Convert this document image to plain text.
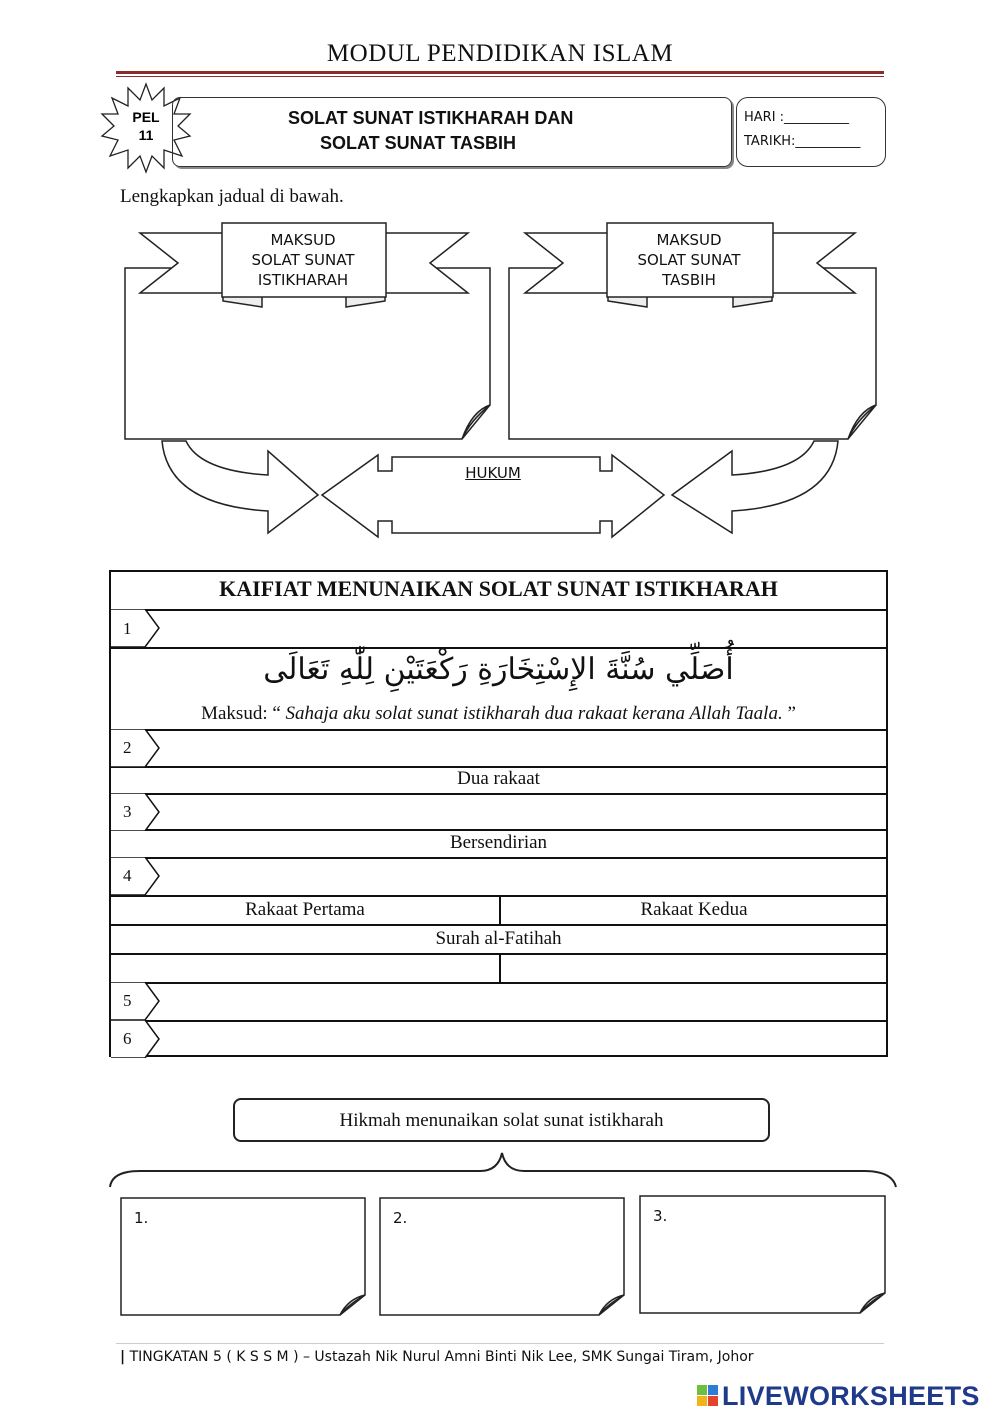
MODUL PENDIDIKAN ISLAM
PEL
11
SOLAT SUNAT ISTIKHARAH DAN
SOLAT SUNAT TASBIH
HARI :__________
TARIKH:__________
Lengkapkan jadual di bawah.
MAKSUD
SOLAT SUNAT
ISTIKHARAH
MAKSUD
SOLAT SUNAT
TASBIH
HUKUM
KAIFIAT MENUNAIKAN SOLAT SUNAT ISTIKHARAH
1
أُصَلِّي سُنَّةَ الإِسْتِخَارَةِ رَكْعَتَيْنِ لِلّٰهِ تَعَالَى
Maksud: “ Sahaja aku solat sunat istikharah dua rakaat kerana Allah Taala. ”
2
Dua rakaat
3
Bersendirian
4
Rakaat Pertama	Rakaat Kedua
Surah al-Fatihah
5
6
Hikmah menunaikan solat sunat istikharah
1.	2.	3.
| TINGKATAN 5 ( K S S M ) – Ustazah Nik Nurul Amni Binti Nik Lee, SMK Sungai Tiram, Johor
LIVEWORKSHEETS
